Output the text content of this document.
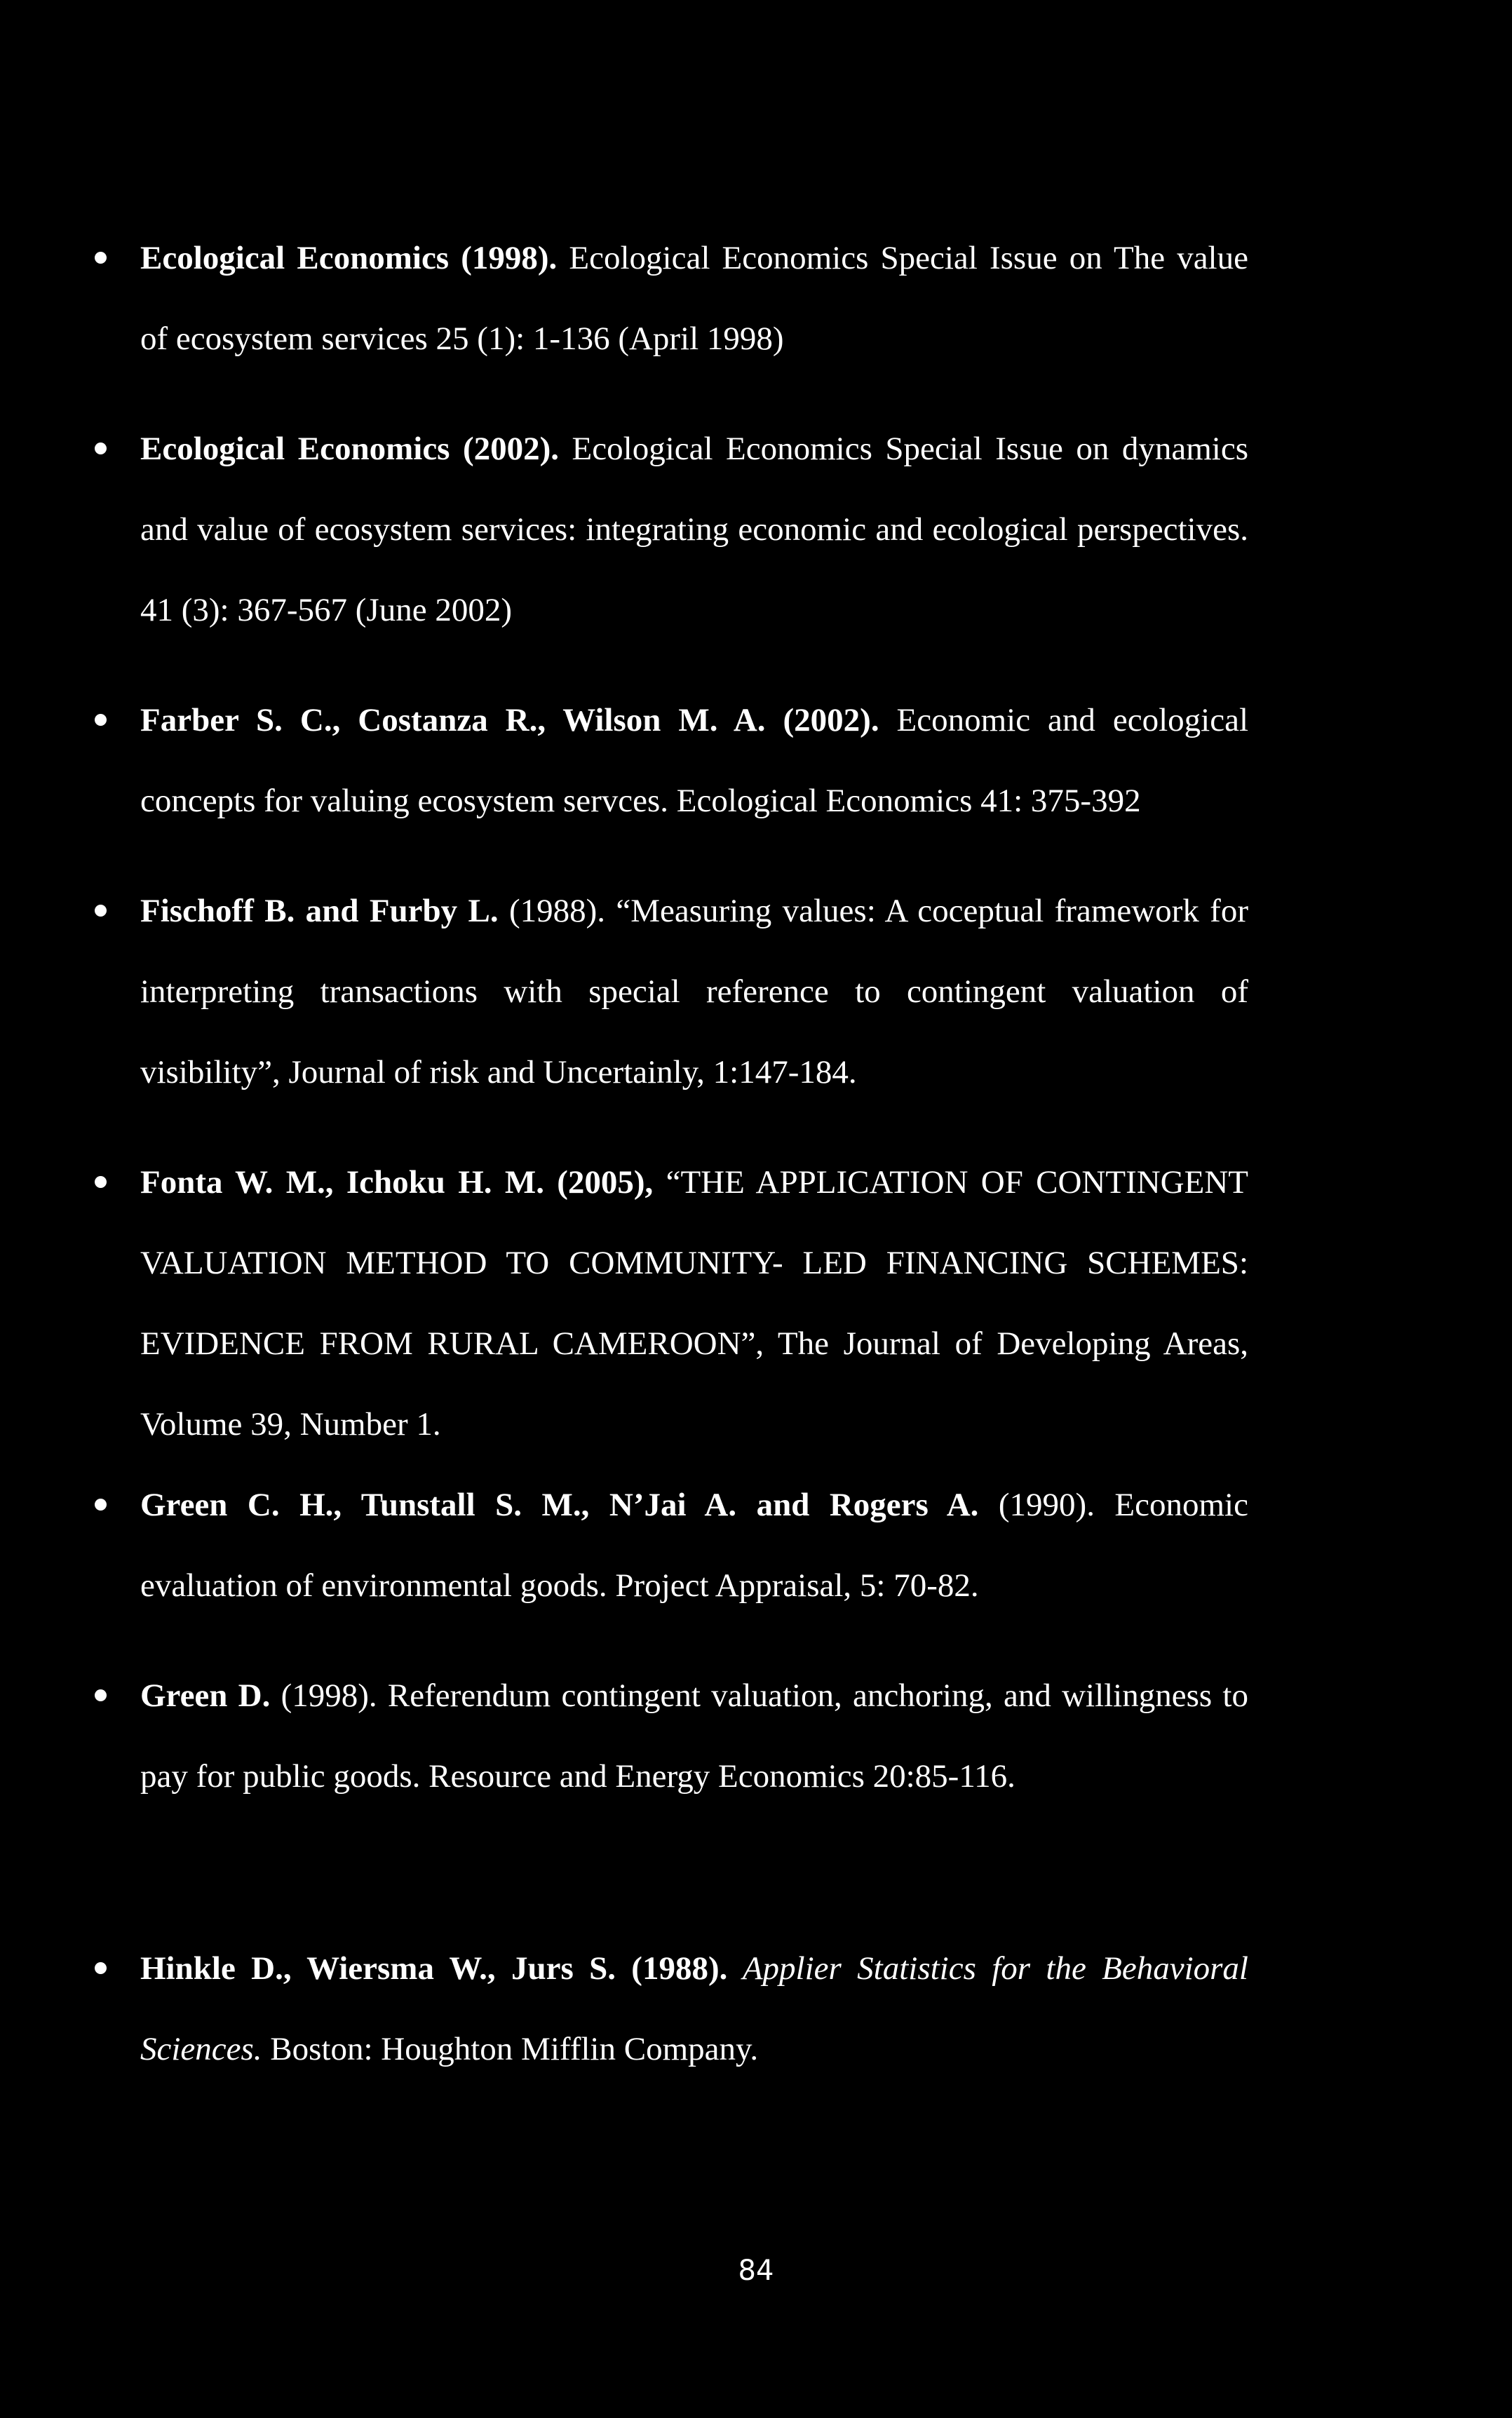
Ecological Economics (1998). Ecological Economics Special Issue on The value of ecosystem services 25 (1): 1-136 (April 1998)
Ecological Economics (2002). Ecological Economics Special Issue on dynamics and value of ecosystem services: integrating economic and ecological perspectives. 41 (3): 367-567 (June 2002)
Farber S. C., Costanza R., Wilson M. A. (2002). Economic and ecological concepts for valuing ecosystem servces. Ecological Economics 41: 375-392
Fischoff B. and Furby L. (1988). “Measuring values: A coceptual framework for interpreting transactions with special reference to contingent valuation of visibility”, Journal of risk and Uncertainly, 1:147-184.
Fonta W. M., Ichoku H. M. (2005), “THE APPLICATION OF CONTINGENT VALUATION METHOD TO COMMUNITY- LED FINANCING SCHEMES: EVIDENCE FROM RURAL CAMEROON”, The Journal of Developing Areas, Volume 39, Number 1.
Green C. H., Tunstall S. M., N’Jai A. and Rogers A. (1990). Economic evaluation of environmental goods. Project Appraisal, 5: 70-82.
Green D. (1998). Referendum contingent valuation, anchoring, and willingness to pay for public goods. Resource and Energy Economics 20:85-116.
Hinkle D., Wiersma W., Jurs S. (1988). Applier Statistics for the Behavioral Sciences. Boston: Houghton Mifflin Company.
84
